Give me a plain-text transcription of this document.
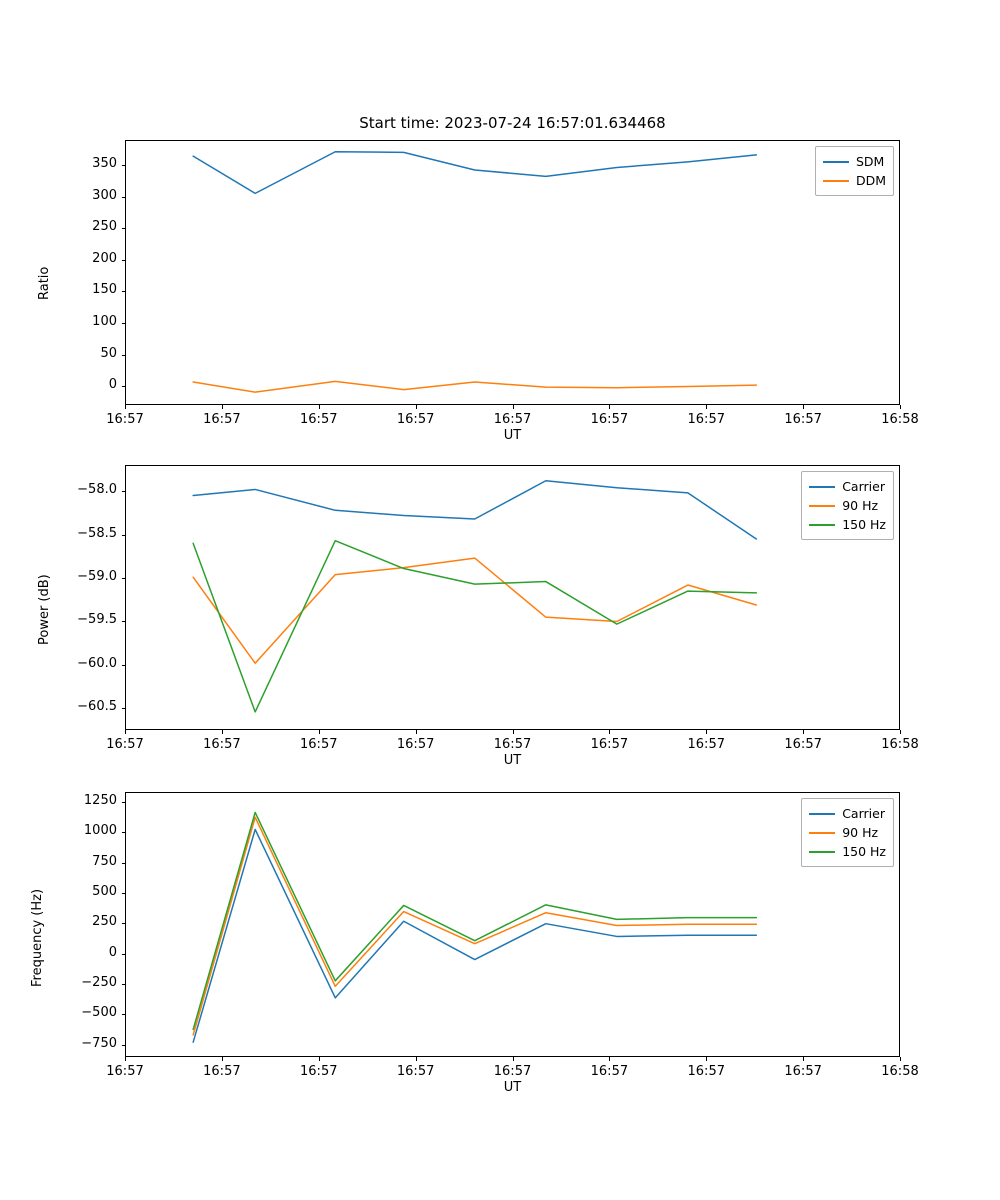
Start time: 2023-07-24 16:57:01.634468
Ratio
UT
SDM
DDM
16:57	16:57	16:57	16:57	16:57	16:57	16:57	16:57	16:58
0
50
100
150
200
250
300
350
Power (dB)
UT
Carrier
90 Hz
150 Hz
16:57	16:57	16:57	16:57	16:57	16:57	16:57	16:57	16:58
−60.5
−60.0
−59.5
−59.0
−58.5
−58.0
Frequency (Hz)
UT
Carrier
90 Hz
150 Hz
16:57	16:57	16:57	16:57	16:57	16:57	16:57	16:57	16:58
−750
−500
−250
0
250
500
750
1000
1250
